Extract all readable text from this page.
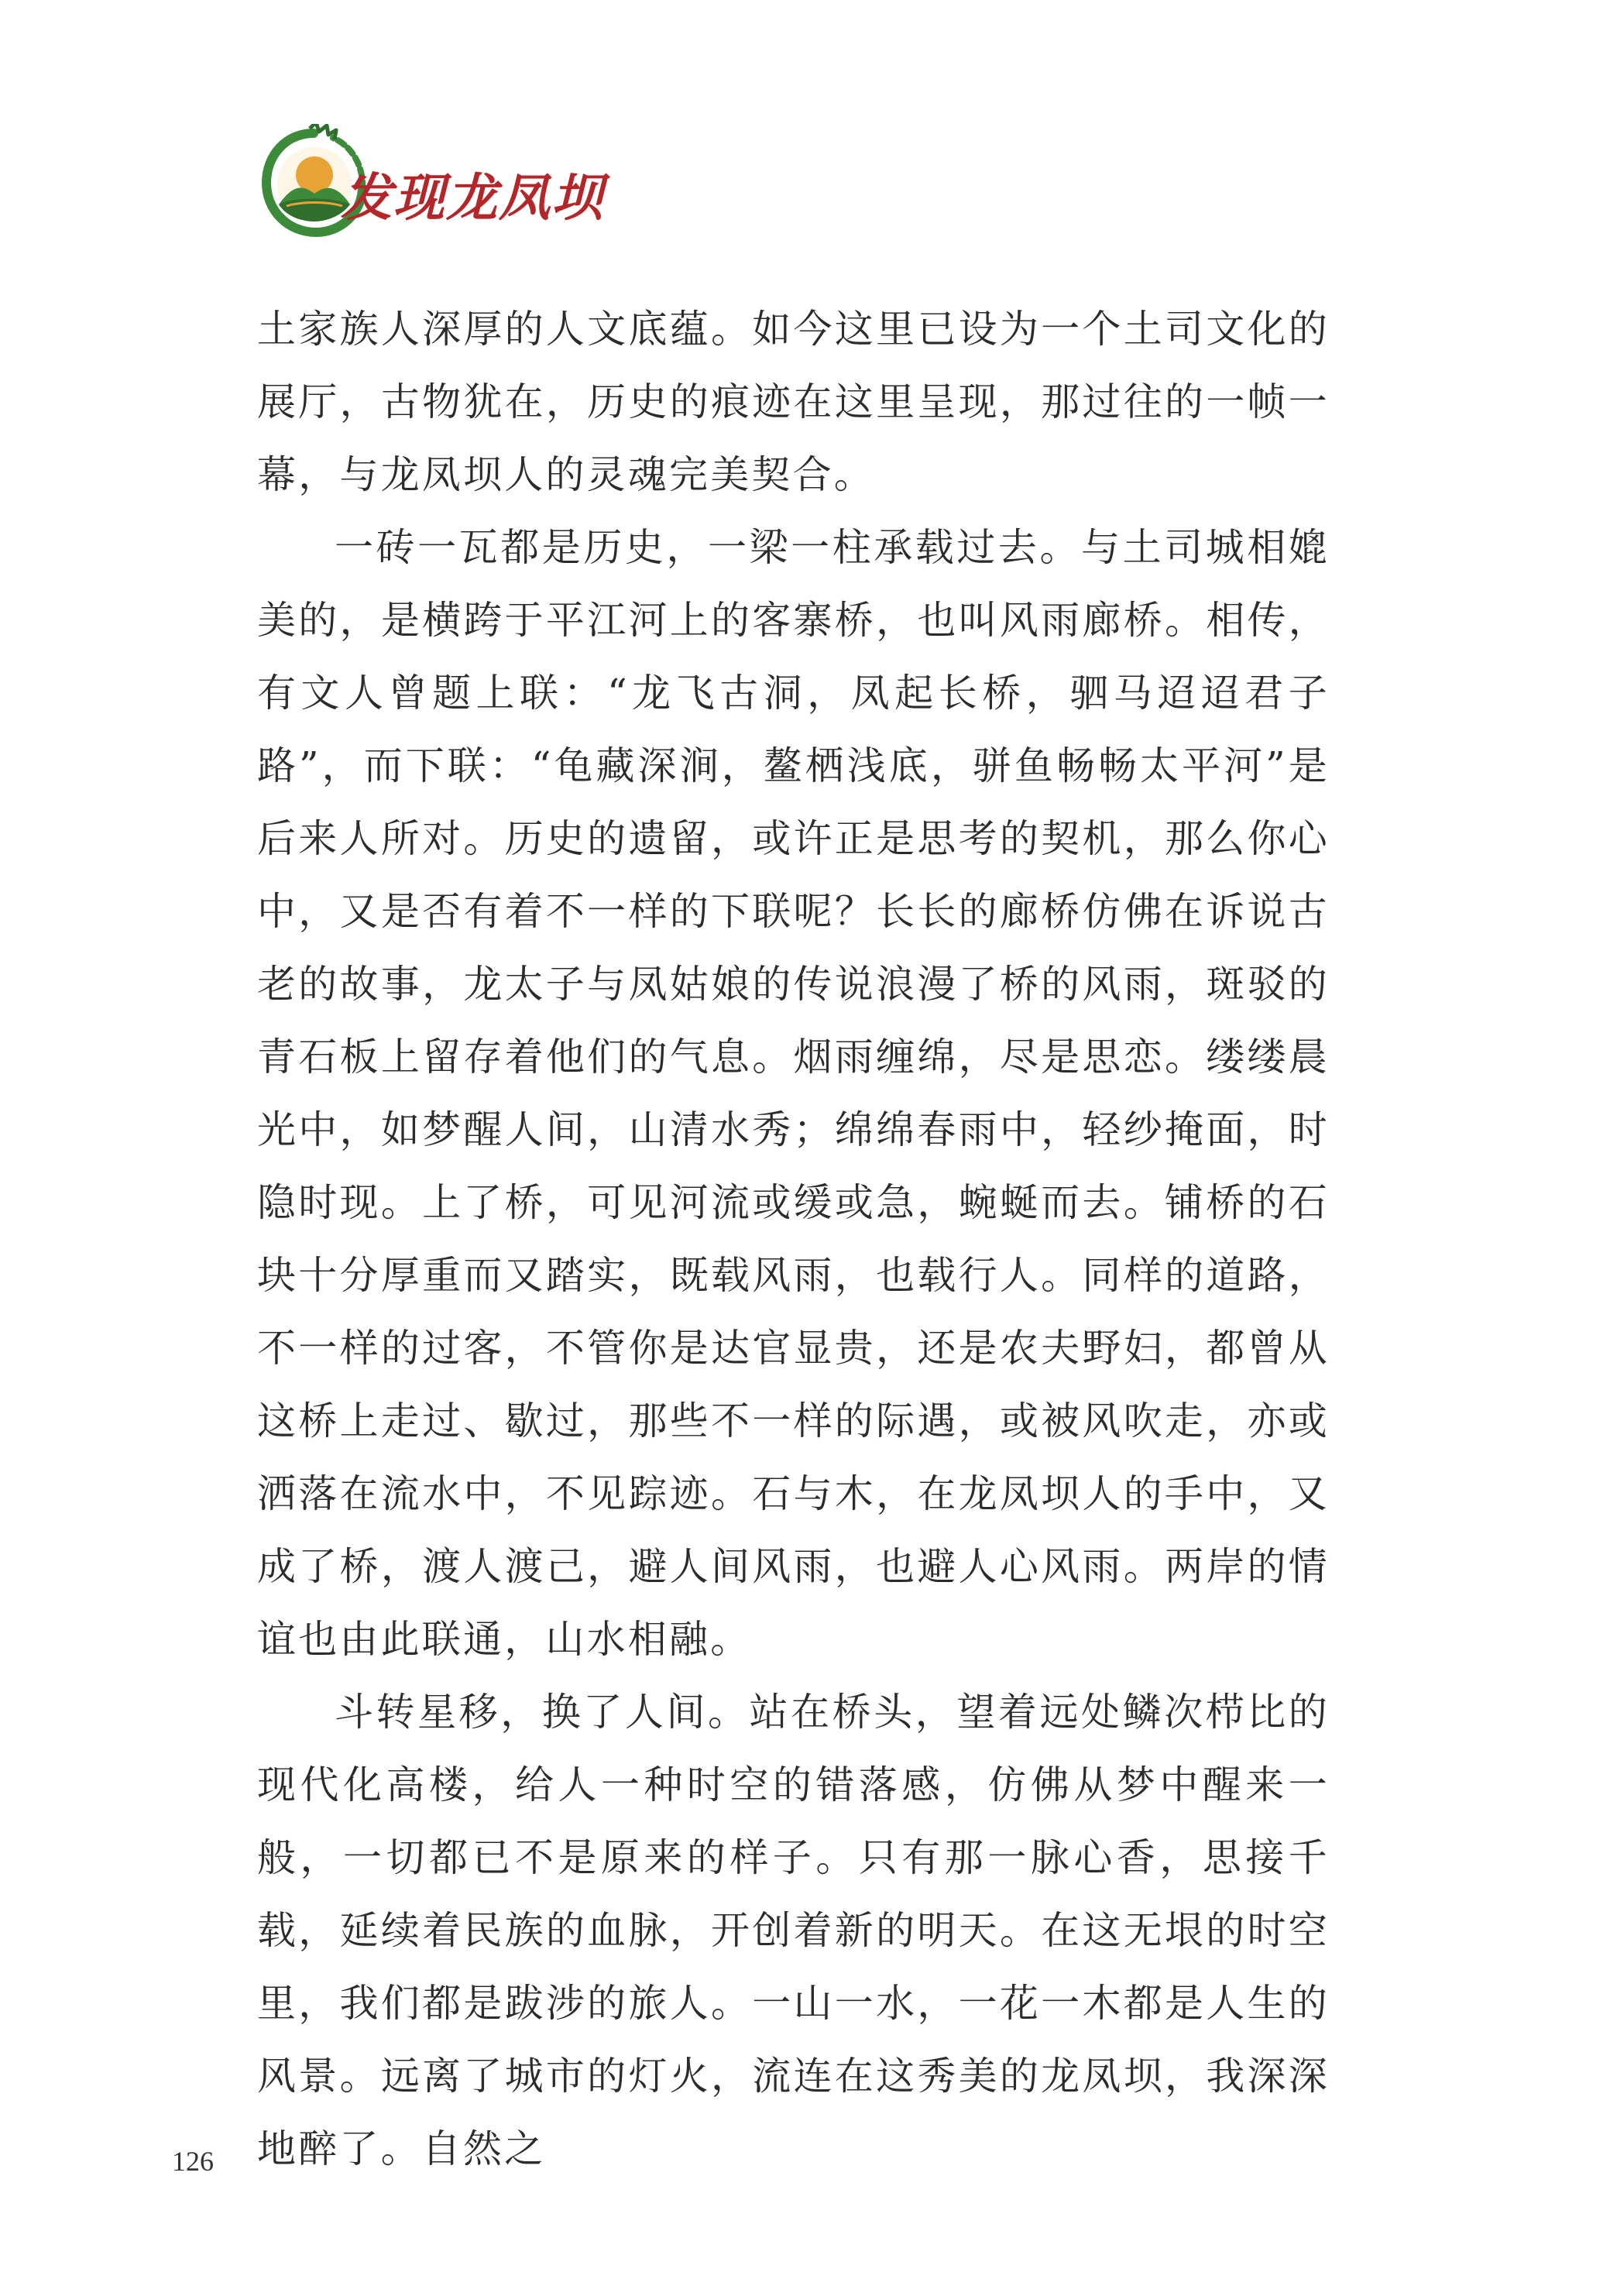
发现龙凤坝

土家族人深厚的人文底蕴。如今这里已设为一个土司文化的展厅，古物犹在，历史的痕迹在这里呈现，那过往的一帧一幕，与龙凤坝人的灵魂完美契合。

一砖一瓦都是历史，一梁一柱承载过去。与土司城相媲美的，是横跨于平江河上的客寨桥，也叫风雨廊桥。相传，有文人曾题上联：“龙飞古洞，凤起长桥，驷马迢迢君子路”，而下联：“龟藏深涧，鳌栖浅底，骈鱼畅畅太平河”是后来人所对。历史的遗留，或许正是思考的契机，那么你心中，又是否有着不一样的下联呢？长长的廊桥仿佛在诉说古老的故事，龙太子与凤姑娘的传说浪漫了桥的风雨，斑驳的青石板上留存着他们的气息。烟雨缠绵，尽是思恋。缕缕晨光中，如梦醒人间，山清水秀；绵绵春雨中，轻纱掩面，时隐时现。上了桥，可见河流或缓或急，蜿蜒而去。铺桥的石块十分厚重而又踏实，既载风雨，也载行人。同样的道路，不一样的过客，不管你是达官显贵，还是农夫野妇，都曾从这桥上走过、歇过，那些不一样的际遇，或被风吹走，亦或洒落在流水中，不见踪迹。石与木，在龙凤坝人的手中，又成了桥，渡人渡己，避人间风雨，也避人心风雨。两岸的情谊也由此联通，山水相融。

斗转星移，换了人间。站在桥头，望着远处鳞次栉比的现代化高楼，给人一种时空的错落感，仿佛从梦中醒来一般，一切都已不是原来的样子。只有那一脉心香，思接千载，延续着民族的血脉，开创着新的明天。在这无垠的时空里，我们都是跋涉的旅人。一山一水，一花一木都是人生的风景。远离了城市的灯火，流连在这秀美的龙凤坝，我深深地醉了。自然之

126
